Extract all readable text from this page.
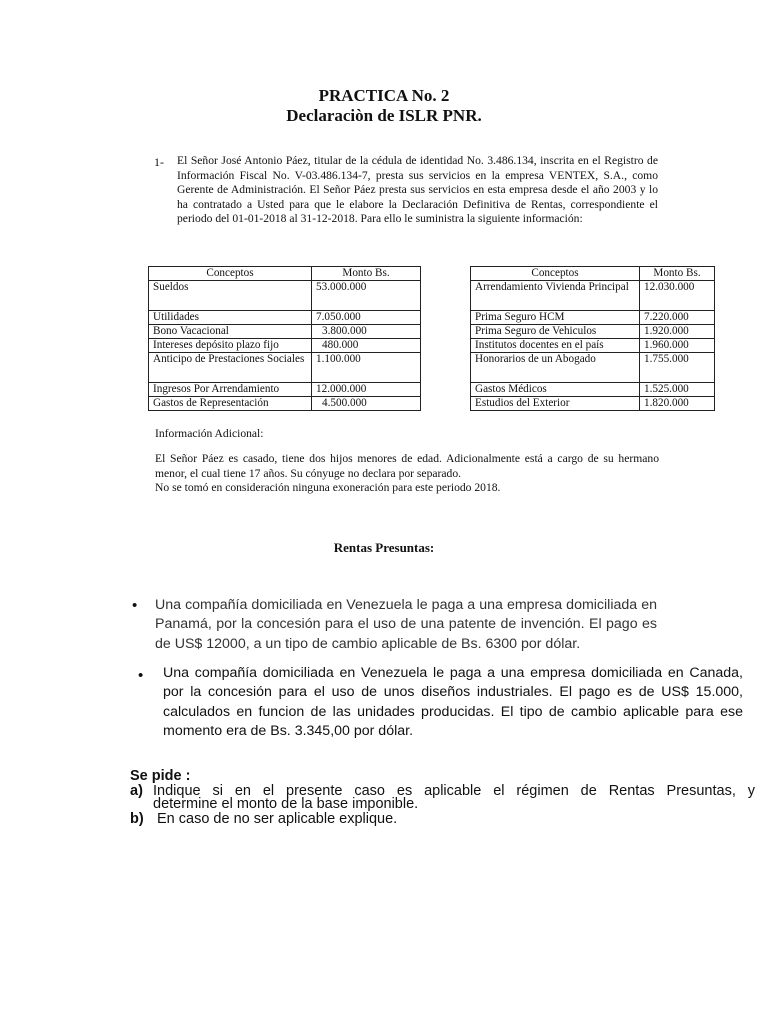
PRACTICA No. 2
Declaraciòn de ISLR PNR.
1- El Señor José Antonio Páez, titular de la cédula de identidad No. 3.486.134, inscrita en el Registro de Información Fiscal No. V-03.486.134-7, presta sus servicios en la empresa VENTEX, S.A., como Gerente de Administración. El Señor Páez presta sus servicios en esta empresa desde el año 2003 y lo ha contratado a Usted para que le elabore la Declaración Definitiva de Rentas, correspondiente el periodo del 01-01-2018 al 31-12-2018. Para ello le suministra la siguiente información:
Conceptos	Monto Bs.
Sueldos	53.000.000
Utilidades	7.050.000
Bono Vacacional	3.800.000
Intereses depósito plazo fijo	480.000
Anticipo de Prestaciones Sociales	1.100.000
Ingresos Por Arrendamiento	12.000.000
Gastos de Representación	4.500.000
Conceptos	Monto Bs.
Arrendamiento Vivienda Principal	12.030.000
Prima Seguro HCM	7.220.000
Prima Seguro de Vehiculos	1.920.000
Institutos docentes en el país	1.960.000
Honorarios de un Abogado	1.755.000
Gastos Médicos	1.525.000
Estudios del Exterior	1.820.000
Información Adicional:
El Señor Páez es casado, tiene dos hijos menores de edad. Adicionalmente está a cargo de su hermano menor, el cual tiene 17 años. Su cónyuge no declara por separado.
No se tomó en consideración ninguna exoneración para este periodo 2018.
Rentas Presuntas:
• Una compañía domiciliada en Venezuela le paga a una empresa domiciliada en Panamá, por la concesión para el uso de una patente de invención. El pago es de US$ 12000, a un tipo de cambio aplicable de Bs. 6300 por dólar.
• Una compañía domiciliada en Venezuela le paga a una empresa domiciliada en Canada, por la concesión para el uso de unos diseños industriales. El pago es de US$ 15.000, calculados en funcion de las unidades producidas. El tipo de cambio aplicable para ese momento era de Bs. 3.345,00 por dólar.
Se pide :
a) Indique si en el presente caso es aplicable el régimen de Rentas Presuntas, y
determine el monto de la base imponible.
b) En caso de no ser aplicable explique.
